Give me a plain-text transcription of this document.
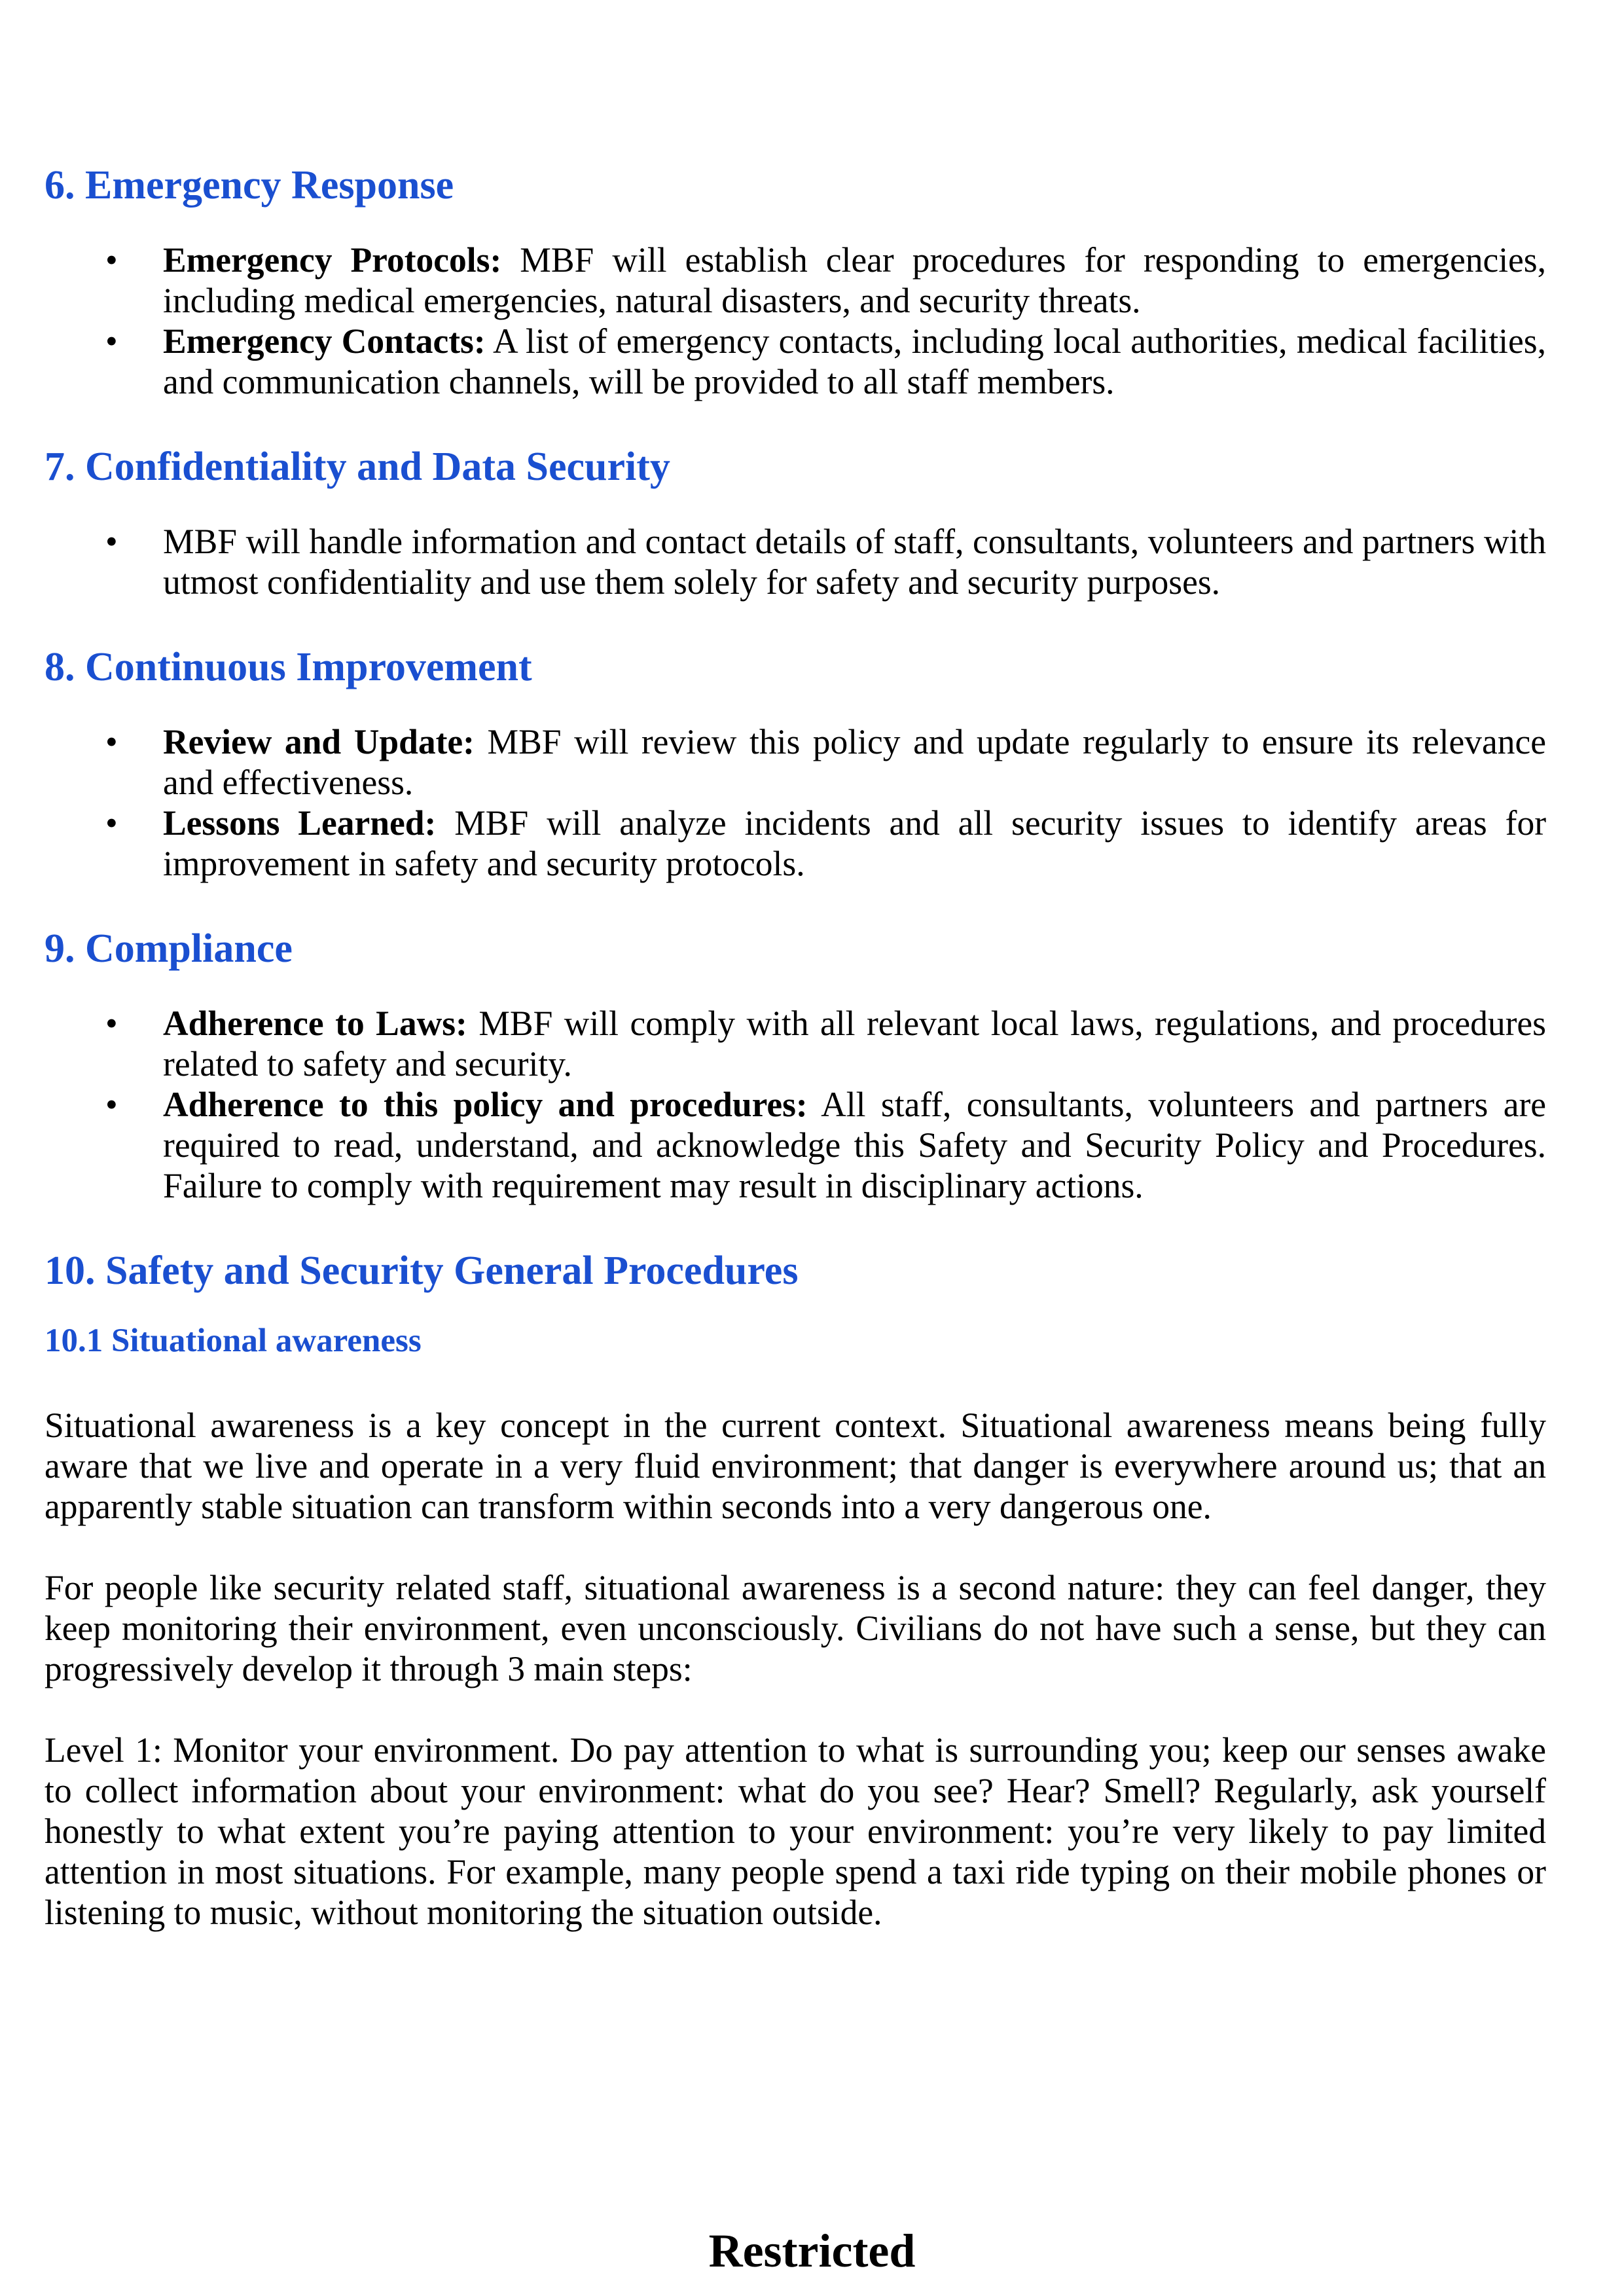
6. Emergency Response
• Emergency Protocols: MBF will establish clear procedures for responding to emergencies, including medical emergencies, natural disasters, and security threats.
• Emergency Contacts: A list of emergency contacts, including local authorities, medical facilities, and communication channels, will be provided to all staff members.
7. Confidentiality and Data Security
• MBF will handle information and contact details of staff, consultants, volunteers and partners with utmost confidentiality and use them solely for safety and security purposes.
8. Continuous Improvement
• Review and Update: MBF will review this policy and update regularly to ensure its relevance and effectiveness.
• Lessons Learned: MBF will analyze incidents and all security issues to identify areas for improvement in safety and security protocols.
9. Compliance
• Adherence to Laws: MBF will comply with all relevant local laws, regulations, and procedures related to safety and security.
• Adherence to this policy and procedures: All staff, consultants, volunteers and partners are required to read, understand, and acknowledge this Safety and Security Policy and Procedures. Failure to comply with requirement may result in disciplinary actions.
10. Safety and Security General Procedures
10.1 Situational awareness

Situational awareness is a key concept in the current context. Situational awareness means being fully aware that we live and operate in a very fluid environment; that danger is everywhere around us; that an apparently stable situation can transform within seconds into a very dangerous one.

For people like security related staff, situational awareness is a second nature: they can feel danger, they keep monitoring their environment, even unconsciously. Civilians do not have such a sense, but they can progressively develop it through 3 main steps:

Level 1: Monitor your environment. Do pay attention to what is surrounding you; keep our senses awake to collect information about your environment: what do you see? Hear? Smell? Regularly, ask yourself honestly to what extent you’re paying attention to your environment: you’re very likely to pay limited attention in most situations. For example, many people spend a taxi ride typing on their mobile phones or listening to music, without monitoring the situation outside.

Restricted
